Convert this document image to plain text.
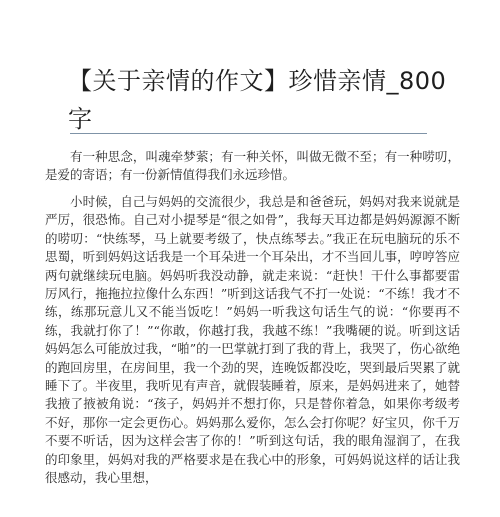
【关于亲情的作文】珍惜亲情_800字

有一种思念，叫魂牵梦萦；有一种关怀，叫做无微不至；有一种唠叨，是爱的寄语；有一份新情值得我们永远珍惜。

小时候，自己与妈妈的交流很少，我总是和爸爸玩，妈妈对我来说就是严厉，很恐怖。自己对小提琴是“很之如骨”，我每天耳边都是妈妈源源不断的唠叨：“快练琴，马上就要考级了，快点练琴去。”我正在玩电脑玩的乐不思蜀，听到妈妈这话我是一个耳朵进一个耳朵出，才不当回儿事，哼哼答应两句就继续玩电脑。妈妈听我没动静，就走来说：“赶快！干什么事都要雷厉风行，拖拖拉拉像什么东西！”听到这话我气不打一处说：“不练！我才不练，练那玩意儿又不能当饭吃！”妈妈一听我这句话生气的说：“你要再不练，我就打你了！”“你敢，你越打我，我越不练！”我嘴硬的说。听到这话妈妈怎么可能放过我，“啪”的一巴掌就打到了我的背上，我哭了，伤心欲绝的跑回房里，在房间里，我一个劲的哭，连晚饭都没吃，哭到最后哭累了就睡下了。半夜里，我听见有声音，就假装睡着，原来，是妈妈进来了，她替我掖了掖被角说：“孩子，妈妈并不想打你，只是替你着急，如果你考级考不好，那你一定会更伤心。妈妈那么爱你，怎么会打你呢？好宝贝，你千万不要不听话，因为这样会害了你的！”听到这句话，我的眼角湿润了，在我的印象里，妈妈对我的严格要求是在我心中的形象，可妈妈说这样的话让我很感动，我心里想，
